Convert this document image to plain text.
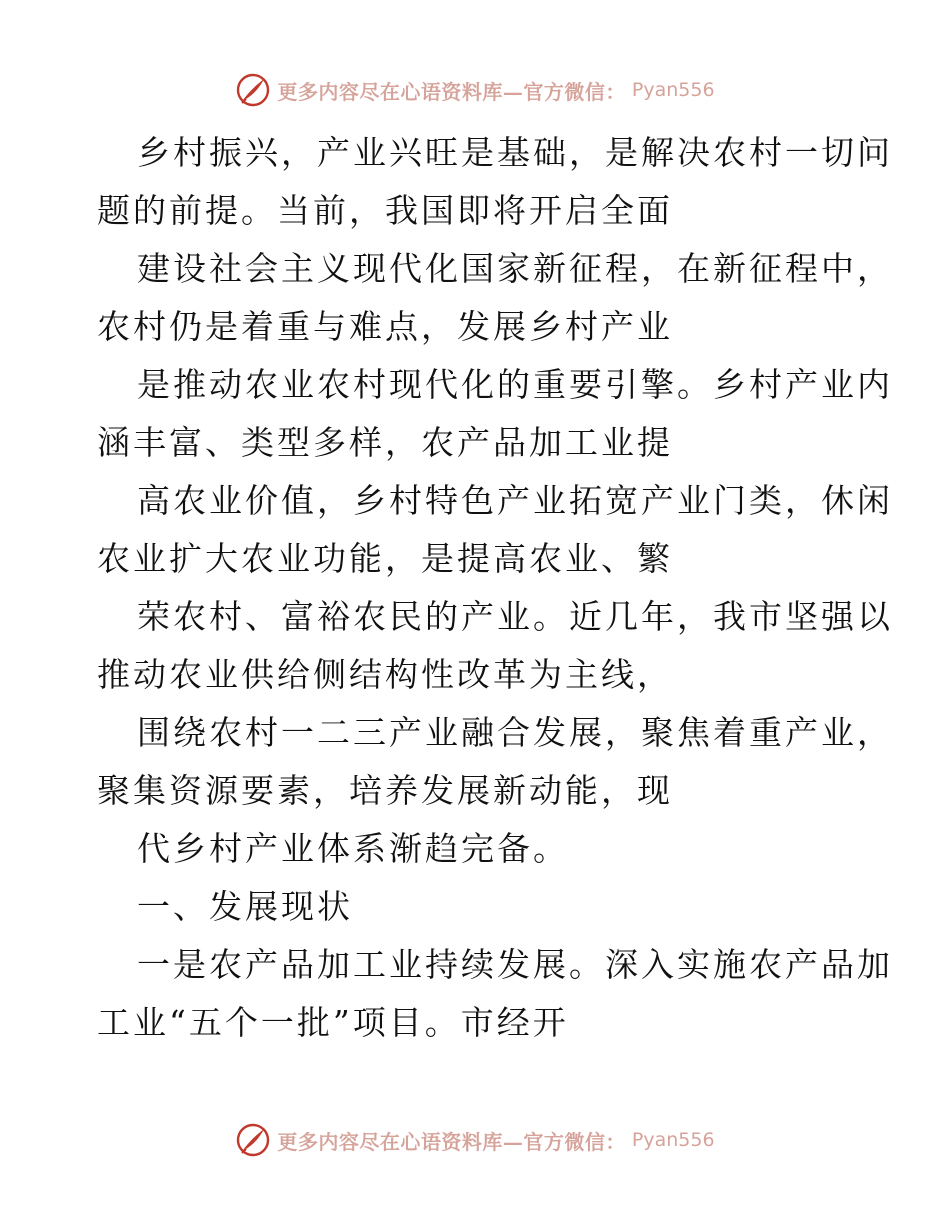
更多内容尽在心语资料库—官方微信： Pyan556
乡村振兴，产业兴旺是基础，是解决农村一切问
题的前提。当前，我国即将开启全面
建设社会主义现代化国家新征程，在新征程中，
农村仍是着重与难点，发展乡村产业
是推动农业农村现代化的重要引擎。乡村产业内
涵丰富、类型多样，农产品加工业提
高农业价值，乡村特色产业拓宽产业门类，休闲
农业扩大农业功能，是提高农业、繁
荣农村、富裕农民的产业。近几年，我市坚强以
推动农业供给侧结构性改革为主线，
围绕农村一二三产业融合发展，聚焦着重产业，
聚集资源要素，培养发展新动能，现
代乡村产业体系渐趋完备。
一、发展现状
一是农产品加工业持续发展。深入实施农产品加
工业“五个一批”项目。市经开
更多内容尽在心语资料库—官方微信： Pyan556
